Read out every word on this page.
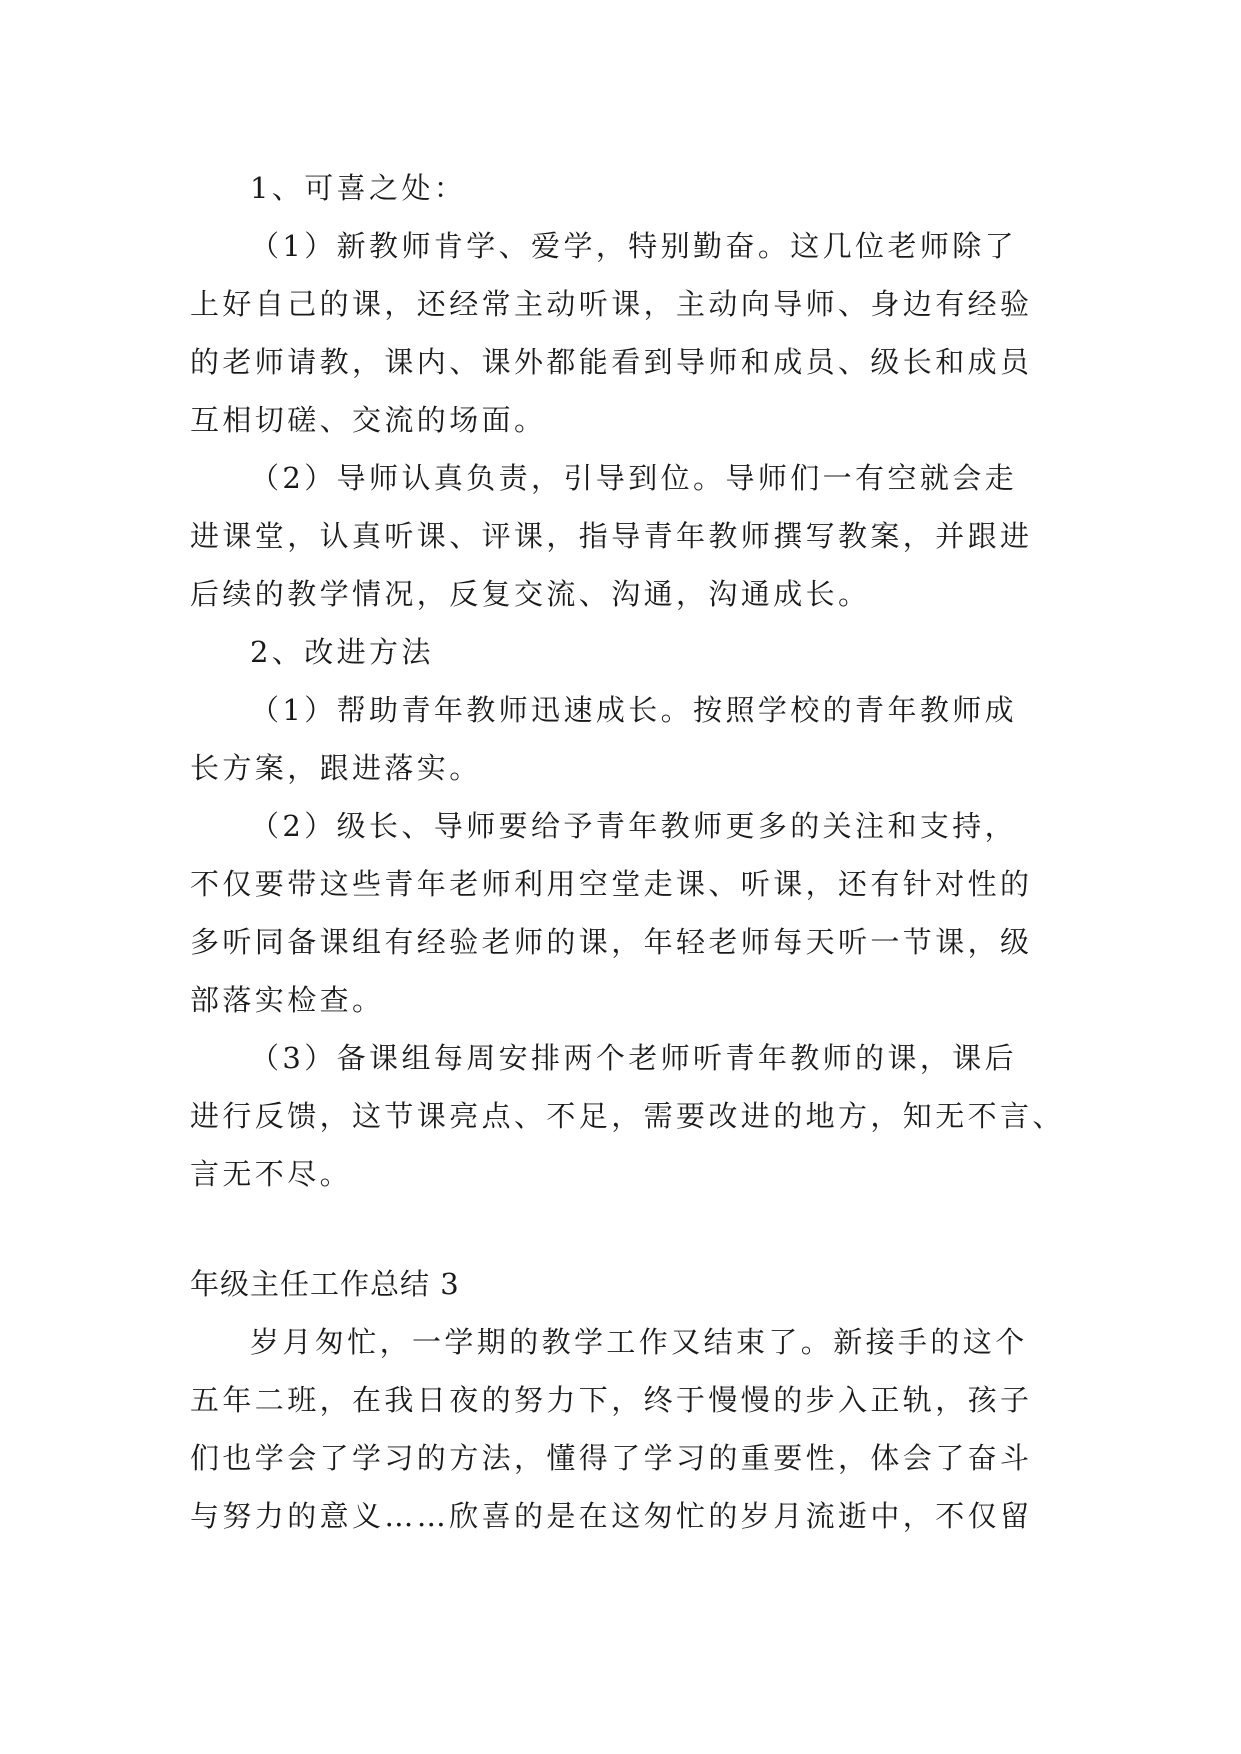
1、可喜之处：
（1）新教师肯学、爱学，特别勤奋。这几位老师除了
上好自己的课，还经常主动听课，主动向导师、身边有经验
的老师请教，课内、课外都能看到导师和成员、级长和成员
互相切磋、交流的场面。
（2）导师认真负责，引导到位。导师们一有空就会走
进课堂，认真听课、评课，指导青年教师撰写教案，并跟进
后续的教学情况，反复交流、沟通，沟通成长。
2、改进方法
（1）帮助青年教师迅速成长。按照学校的青年教师成
长方案，跟进落实。
（2）级长、导师要给予青年教师更多的关注和支持，
不仅要带这些青年老师利用空堂走课、听课，还有针对性的
多听同备课组有经验老师的课，年轻老师每天听一节课，级
部落实检查。
（3）备课组每周安排两个老师听青年教师的课，课后
进行反馈，这节课亮点、不足，需要改进的地方，知无不言、
言无不尽。
年级主任工作总结 3
岁月匆忙，一学期的教学工作又结束了。新接手的这个
五年二班，在我日夜的努力下，终于慢慢的步入正轨，孩子
们也学会了学习的方法，懂得了学习的重要性，体会了奋斗
与努力的意义……欣喜的是在这匆忙的岁月流逝中，不仅留
